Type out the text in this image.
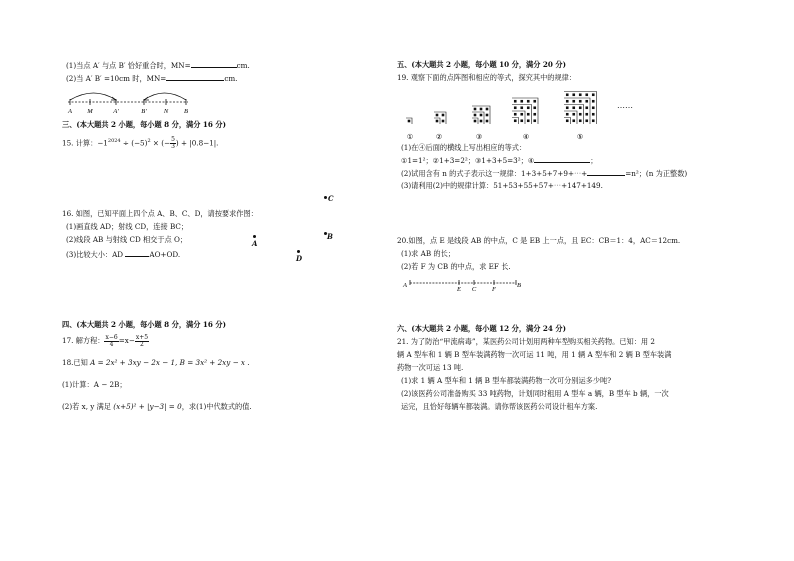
(1)当点 A′ 与点 B′ 恰好重合时，MN=	cm.
(2)当 A′ B′ =10cm 时，MN=	cm.
A M	A′	B′	N B
三、(本大题共 2 小题，每小题 8 分，满分 16 分)
15. 计算：$-1^{2024} \div (-5)^2$ × (− $\frac{5}{3}$ ) + |0.8−1|.
16. 如图，已知平面上四个点 A、B、C、D，请按要求作图：
(1)画直线 AD；射线 CD，连接 BC；
(2)线段 AB 与射线 CD 相交于点 O；
(3)比较大小：AD	AO+OD.
C
A
B
D
四、(本大题共 2 小题，每小题 8 分，满分 16 分)
17. 解方程： $\frac{x-6}{4} =x- \frac{x+5}{2}$
18.已知 A = 2x² + 3xy − 2x − 1, B = 3x² + 2xy − x .
(1)计算：A − 2B；
(2)若 x, y 满足 (x+5)² + |y−3| = 0，求(1)中代数式的值.
五、(本大题共 2 小题，每小题 10 分，满分 20 分)
19. 观察下面的点阵图和相应的等式，探究其中的规律：
①	②	③	④	⑤
……
(1)在④后面的横线上写出相应的等式：
①1=1²；②1+3=2²；③1+3+5=3²；④	；
(2)试用含有 n 的式子表示这一规律：1+3+5+7+9+⋯+	=n²；(n 为正整数)
(3)请利用(2)中的规律计算：51+53+55+57+⋯+147+149.
20.如图，点 E 是线段 AB 的中点，C 是 EB 上一点，且 EC：CB＝1：4，AC＝12cm.
(1)求 AB 的长；
(2)若 F 为 CB 的中点，求 EF 长.
A
E C F
B
六、(本大题共 2 小题，每小题 12 分，满分 24 分)
21. 为了防治“甲流病毒”，某医药公司计划用两种车型购买相关药物。已知：用 2
辆 A 型车和 1 辆 B 型车装满药物一次可运 11 吨，用 1 辆 A 型车和 2 辆 B 型车装满
药物一次可运 13 吨.
(1)求 1 辆 A 型车和 1 辆 B 型车都装满药物一次可分别运多少吨?
(2)该医药公司准备购买 33 吨药物，计划同时租用 A 型车 a 辆，B 型车 b 辆，一次
运完，且恰好每辆车都装满。请你帮该医药公司设计租车方案.
